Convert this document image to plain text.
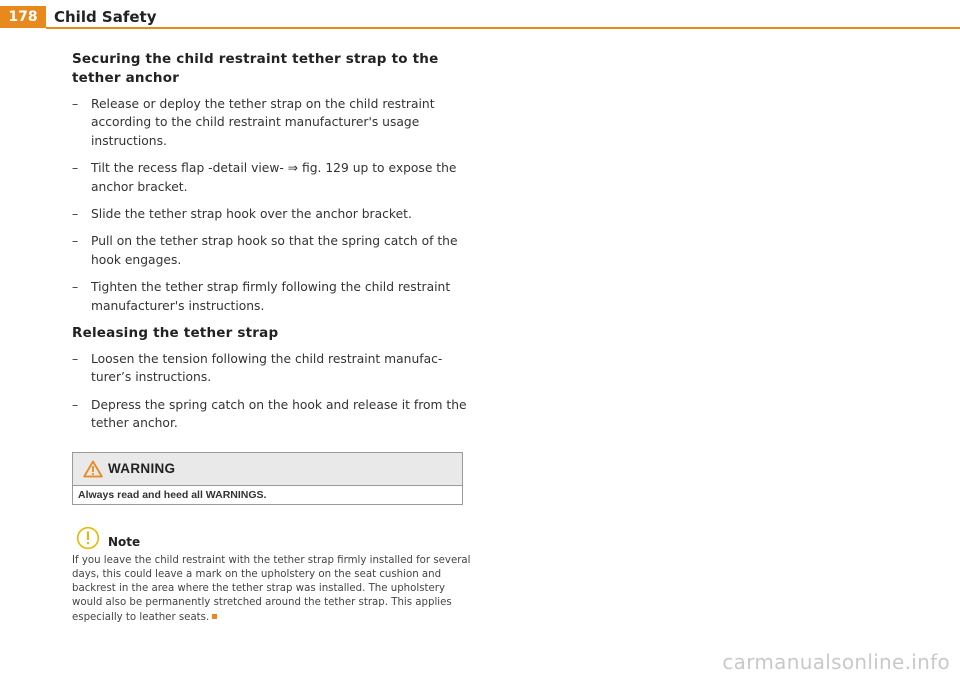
178 Child Safety
Securing the child restraint tether strap to the
tether anchor
– Release or deploy the tether strap on the child restraint according to the child restraint manufacturer's usage instructions.
– Tilt the recess flap -detail view- ⇒ fig. 129 up to expose the anchor bracket.
– Slide the tether strap hook over the anchor bracket.
– Pull on the tether strap hook so that the spring catch of the hook engages.
– Tighten the tether strap firmly following the child restraint manufacturer's instructions.
Releasing the tether strap
– Loosen the tension following the child restraint manufac-turer’s instructions.
– Depress the spring catch on the hook and release it from the tether anchor.
WARNING
Always read and heed all WARNINGS.
Note
If you leave the child restraint with the tether strap firmly installed for several days, this could leave a mark on the upholstery on the seat cushion and backrest in the area where the tether strap was installed. The upholstery would also be permanently stretched around the tether strap. This applies especially to leather seats.
carmanualsonline.info
